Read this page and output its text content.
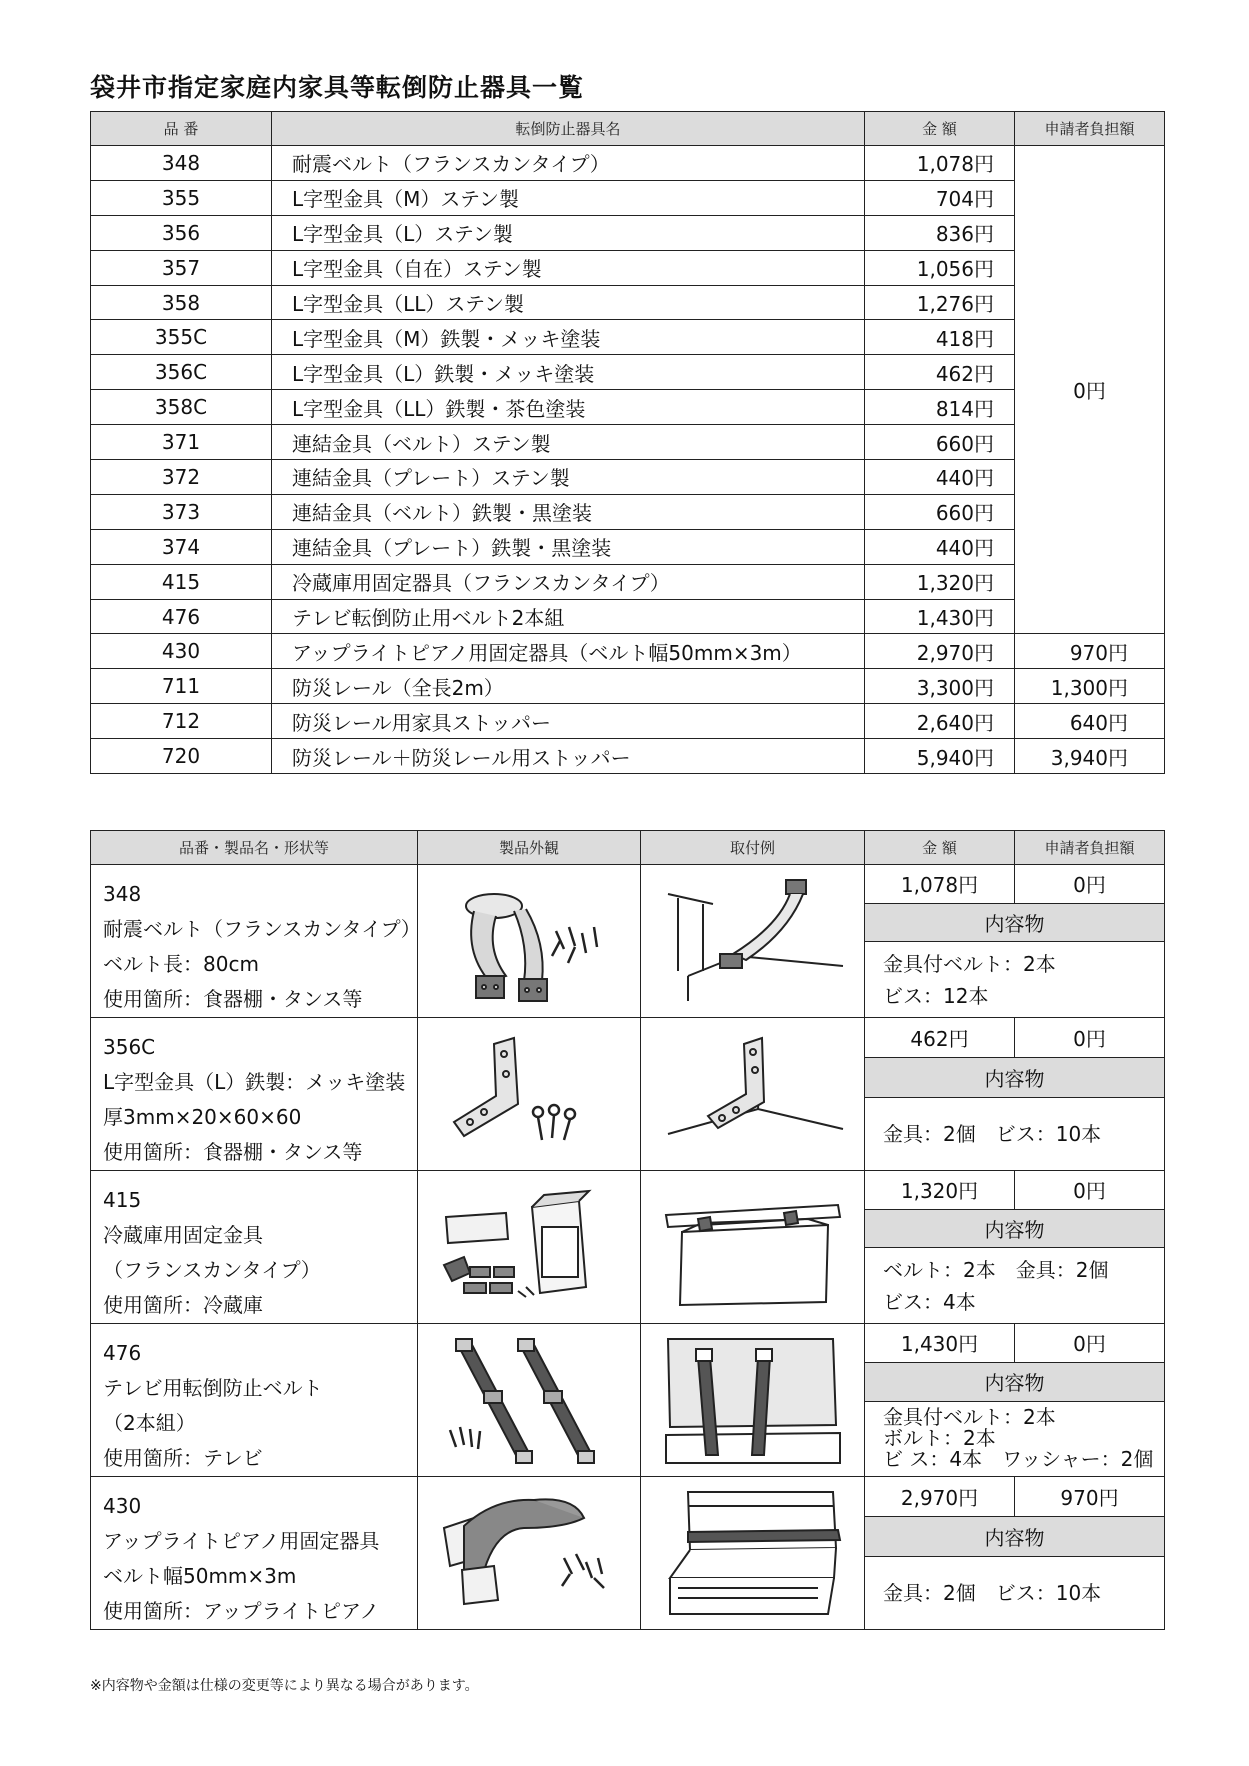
袋井市指定家庭内家具等転倒防止器具一覧
品 番	転倒防止器具名	金 額	申請者負担額
348	耐震ベルト（フランスカンタイプ）	1,078円	0円
355	L字型金具（M）ステン製	704円	
356	L字型金具（L）ステン製	836円	
357	L字型金具（自在）ステン製	1,056円	
358	L字型金具（LL）ステン製	1,276円	
355C	L字型金具（M）鉄製・メッキ塗装	418円	
356C	L字型金具（L）鉄製・メッキ塗装	462円	
358C	L字型金具（LL）鉄製・茶色塗装	814円	
371	連結金具（ベルト）ステン製	660円	
372	連結金具（プレート）ステン製	440円	
373	連結金具（ベルト）鉄製・黒塗装	660円	
374	連結金具（プレート）鉄製・黒塗装	440円	
415	冷蔵庫用固定器具（フランスカンタイプ）	1,320円	
476	テレビ転倒防止用ベルト2本組	1,430円	
430	アップライトピアノ用固定器具（ベルト幅50mm×3m）	2,970円	970円
711	防災レール（全長2m）	3,300円	1,300円
712	防災レール用家具ストッパー	2,640円	640円
720	防災レール＋防災レール用ストッパー	5,940円	3,940円
品番・製品名・形状等	製品外観	取付例	金 額	申請者負担額

348
耐震ベルト（フランスカンタイプ）
ベルト長：80cm
使用箇所：食器棚・タンス等			1,078円	0円
			内容物	

			金具付ベルト：2本
ビス：12本	

356C
L字型金具（L）鉄製：メッキ塗装
厚3mm×20×60×60
使用箇所：食器棚・タンス等			462円	0円
			内容物	

			金具：2個　ビス：10本	

415
冷蔵庫用固定金具
（フランスカンタイプ）
使用箇所：冷蔵庫			1,320円	0円
			内容物	

			ベルト：2本　金具：2個
ビス：4本	

476
テレビ用転倒防止ベルト
（2本組）
使用箇所：テレビ			1,430円	0円
			内容物	

			金具付ベルト：2本
ボルト：2本
ビ ス：4本　ワッシャー：2個	

430
アップライトピアノ用固定器具
ベルト幅50mm×3m
使用箇所：アップライトピアノ			2,970円	970円
			内容物	

			金具：2個　ビス：10本	
※内容物や金額は仕様の変更等により異なる場合があります。
